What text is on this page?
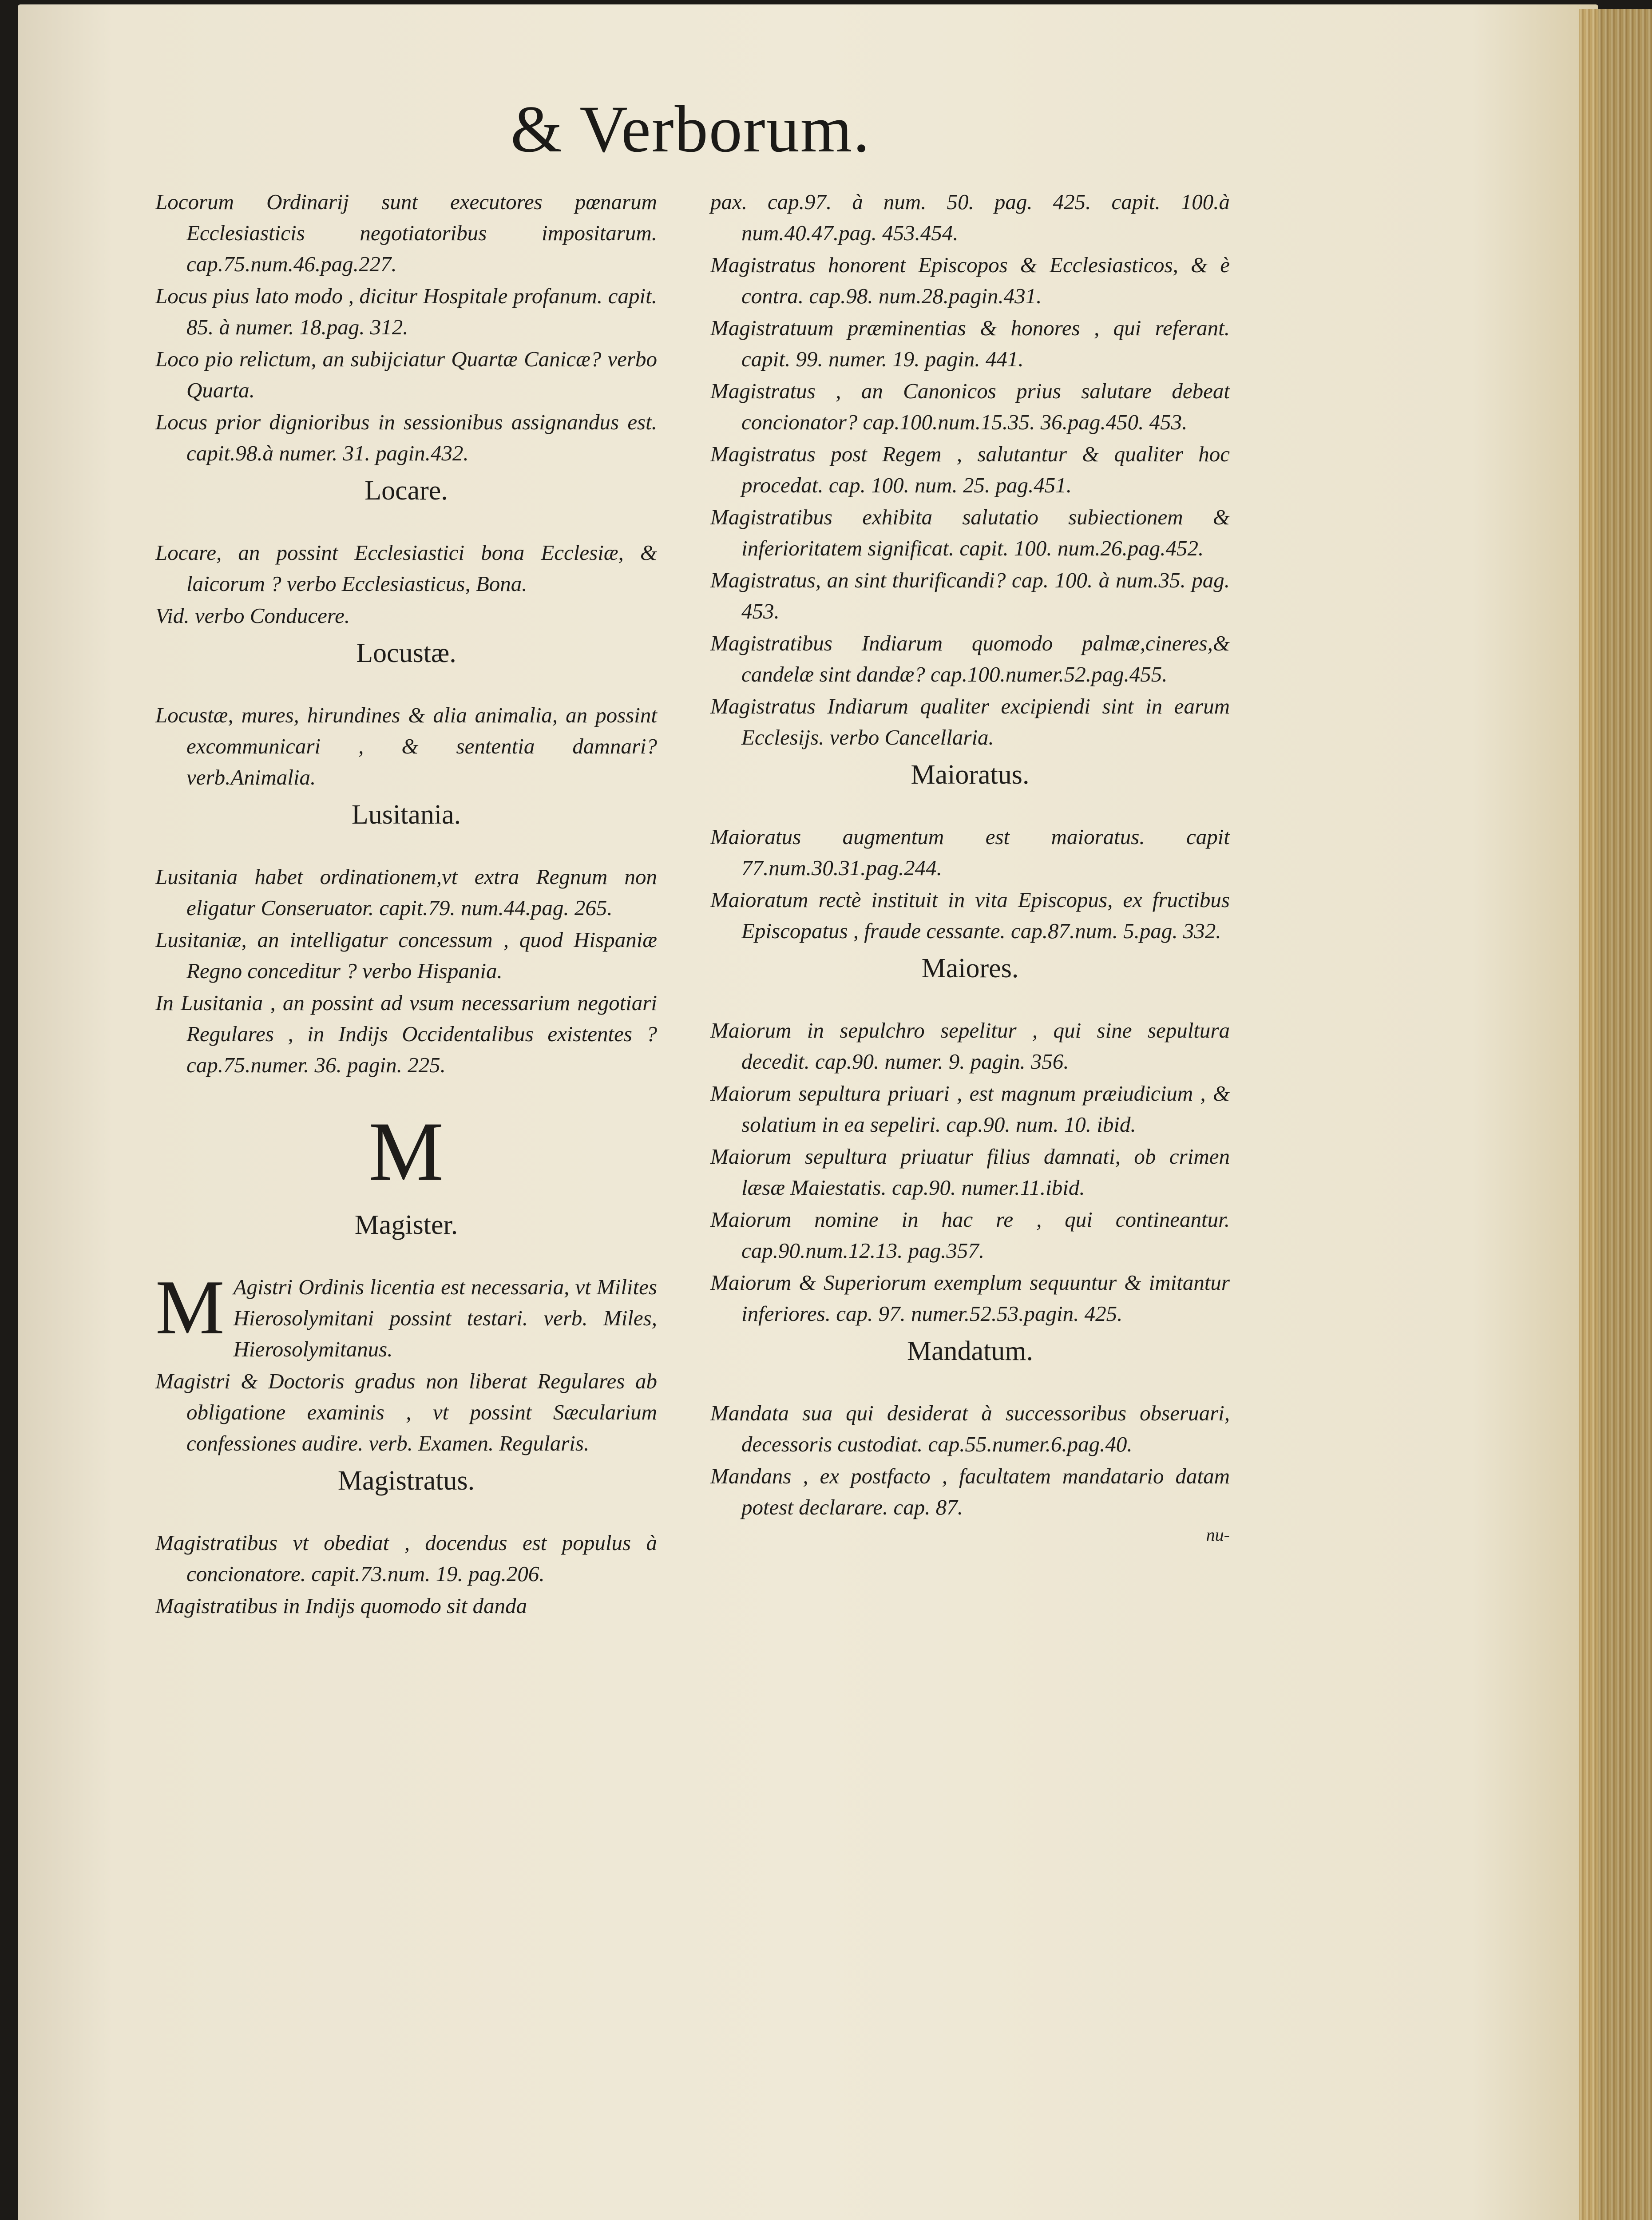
& Verborum.

Locorum Ordinarij sunt executores pœnarum Ecclesiasticis negotiatoribus impositarum. cap.75.num.46.pag.227.

Locus pius lato modo , dicitur Hospitale profanum. capit. 85. à numer. 18.pag. 312.

Loco pio relictum, an subijciatur Quartæ Canicæ? verbo Quarta.

Locus prior dignioribus in sessionibus assignandus est. capit.98.à numer. 31. pagin.432.

Locare.

Locare, an possint Ecclesiastici bona Ecclesiæ, & laicorum ? verbo Ecclesiasticus, Bona.

Vid. verbo Conducere.

Locustæ.

Locustæ, mures, hirundines & alia animalia, an possint excommunicari , & sententia damnari? verb.Animalia.

Lusitania.

Lusitania habet ordinationem,vt extra Regnum non eligatur Conseruator. capit.79. num.44.pag. 265.

Lusitaniæ, an intelligatur concessum , quod Hispaniæ Regno conceditur ? verbo Hispania.

In Lusitania , an possint ad vsum necessarium negotiari Regulares , in Indijs Occidentalibus existentes ? cap.75.numer. 36. pagin. 225.

M
Magister.

M Agistri Ordinis licentia est necessaria, vt Milites Hierosolymitani possint testari. verb. Miles, Hierosolymitanus.

Magistri & Doctoris gradus non liberat Regulares ab obligatione examinis , vt possint Sæcularium confessiones audire. verb. Examen. Regularis.

Magistratus.

Magistratibus vt obediat , docendus est populus à concionatore. capit.73.num. 19. pag.206.

Magistratibus in Indijs quomodo sit danda

pax. cap.97. à num. 50. pag. 425. capit. 100.à num.40.47.pag. 453.454.

Magistratus honorent Episcopos & Ecclesiasticos, & è contra. cap.98. num.28.pagin.431.

Magistratuum præminentias & honores , qui referant. capit. 99. numer. 19. pagin. 441.

Magistratus , an Canonicos prius salutare debeat concionator? cap.100.num.15.35. 36.pag.450. 453.

Magistratus post Regem , salutantur & qualiter hoc procedat. cap. 100. num. 25. pag.451.

Magistratibus exhibita salutatio subiectionem & inferioritatem significat. capit. 100. num.26.pag.452.

Magistratus, an sint thurificandi? cap. 100. à num.35. pag. 453.

Magistratibus Indiarum quomodo palmæ,cineres,& candelæ sint dandæ? cap.100.numer.52.pag.455.

Magistratus Indiarum qualiter excipiendi sint in earum Ecclesijs. verbo Cancellaria.

Maioratus.

Maioratus augmentum est maioratus. capit 77.num.30.31.pag.244.

Maioratum rectè instituit in vita Episcopus, ex fructibus Episcopatus , fraude cessante. cap.87.num. 5.pag. 332.

Maiores.

Maiorum in sepulchro sepelitur , qui sine sepultura decedit. cap.90. numer. 9. pagin. 356.

Maiorum sepultura priuari , est magnum præiudicium , & solatium in ea sepeliri. cap.90. num. 10. ibid.

Maiorum sepultura priuatur filius damnati, ob crimen læsæ Maiestatis. cap.90. numer.11.ibid.

Maiorum nomine in hac re , qui contineantur. cap.90.num.12.13. pag.357.

Maiorum & Superiorum exemplum sequuntur & imitantur inferiores. cap. 97. numer.52.53.pagin. 425.

Mandatum.

Mandata sua qui desiderat à successoribus obseruari, decessoris custodiat. cap.55.numer.6.pag.40.

Mandans , ex postfacto , facultatem mandatario datam potest declarare. cap. 87.

nu-
